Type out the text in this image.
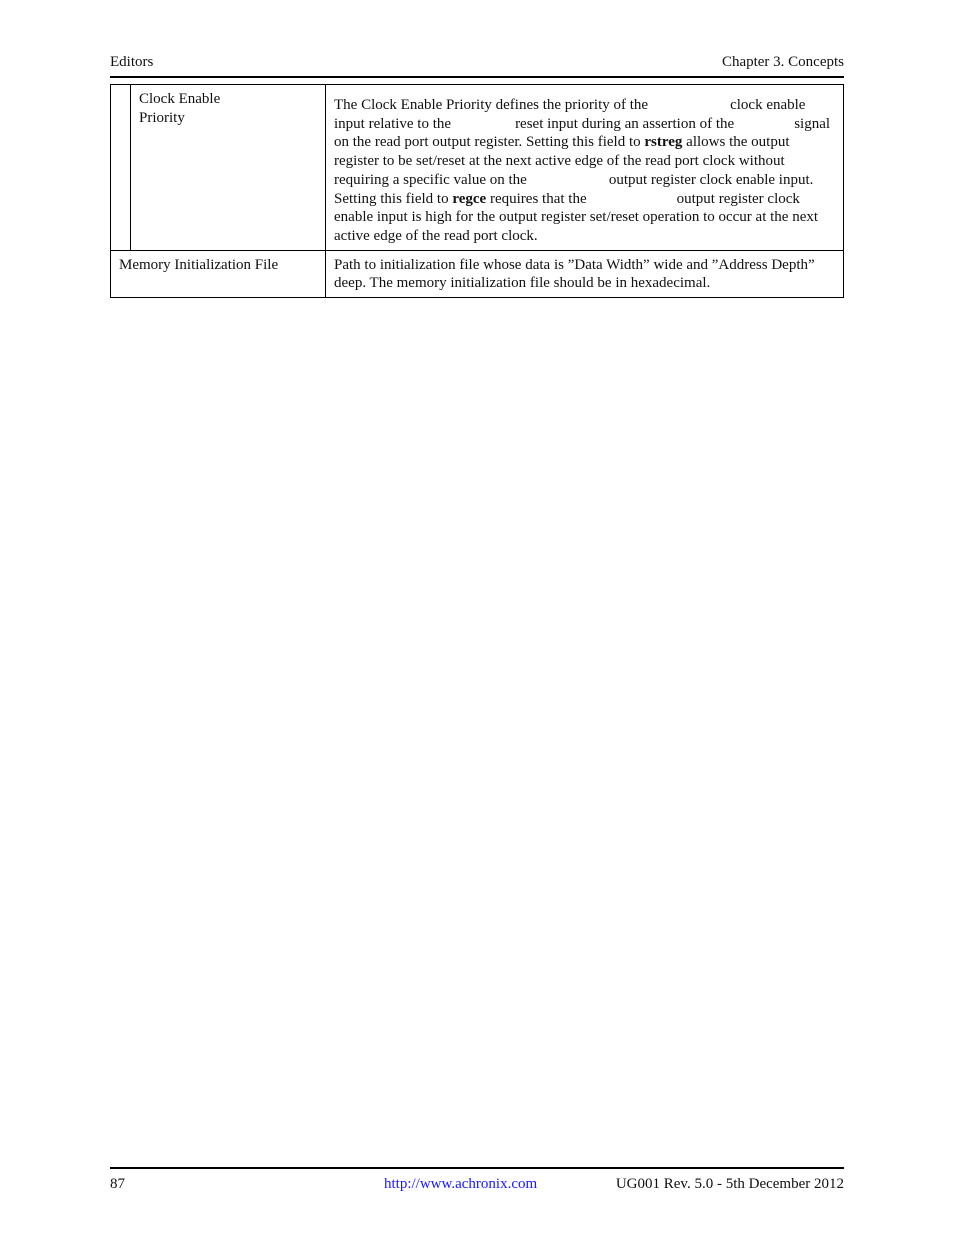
Editors	Chapter 3. Concepts

	Clock Enable Priority	The Clock Enable Priority defines the priority of the clock enable input relative to the reset input during an assertion of the signal on the read port output register. Setting this field to rstreg allows the output register to be set/reset at the next active edge of the read port clock without requiring a specific value on the output register clock enable input. Setting this field to regce requires that the output register clock enable input is high for the output register set/reset operation to occur at the next active edge of the read port clock.
Memory Initialization File		Path to initialization file whose data is ”Data Width” wide and ”Address Depth” deep. The memory initialization file should be in hexadecimal.
87	http://www.achronix.com	UG001 Rev. 5.0 - 5th December 2012
